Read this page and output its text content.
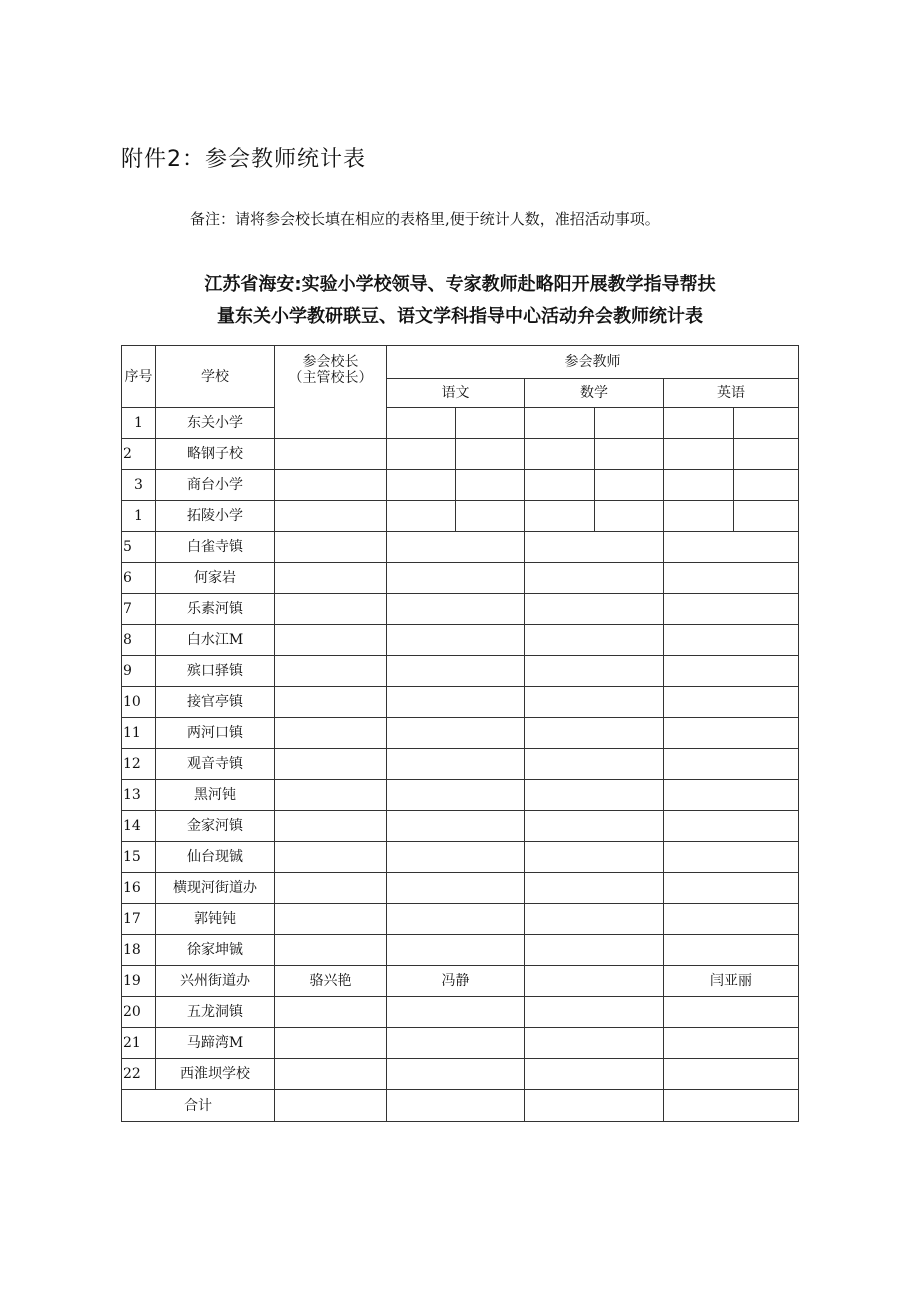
附件2：参会教师统计表
备注：请将参会校长填在相应的表格里,便于统计人数，准招活动事项。
江苏省海安:实验小学校领导、专家教师赴略阳开展教学指导帮扶
量东关小学教研联豆、语文学科指导中心活动弁会教师统计表
序号	学校	参会校长
（主管校长）	参会教师					
			语文		数学		英语	
1	东关小学							
2	略钢子校							
3	商台小学							
1	拓陵小学							
5	白雀寺镇							
6	何家岩							
7	乐素河镇							
8	白水江M							
9	殡口驿镇							
10	接官亭镇							
11	两河口镇							
12	观音寺镇							
13	黑河钝							
14	金家河镇							
15	仙台现铖							
16	横现河街道办							
17	郭钝钝							
18	徐家坤铖							
19	兴州街道办	骆兴艳	冯静				闫亚丽	
20	五龙洞镇							
21	马蹄湾M							
22	西淮坝学校							
合计								
